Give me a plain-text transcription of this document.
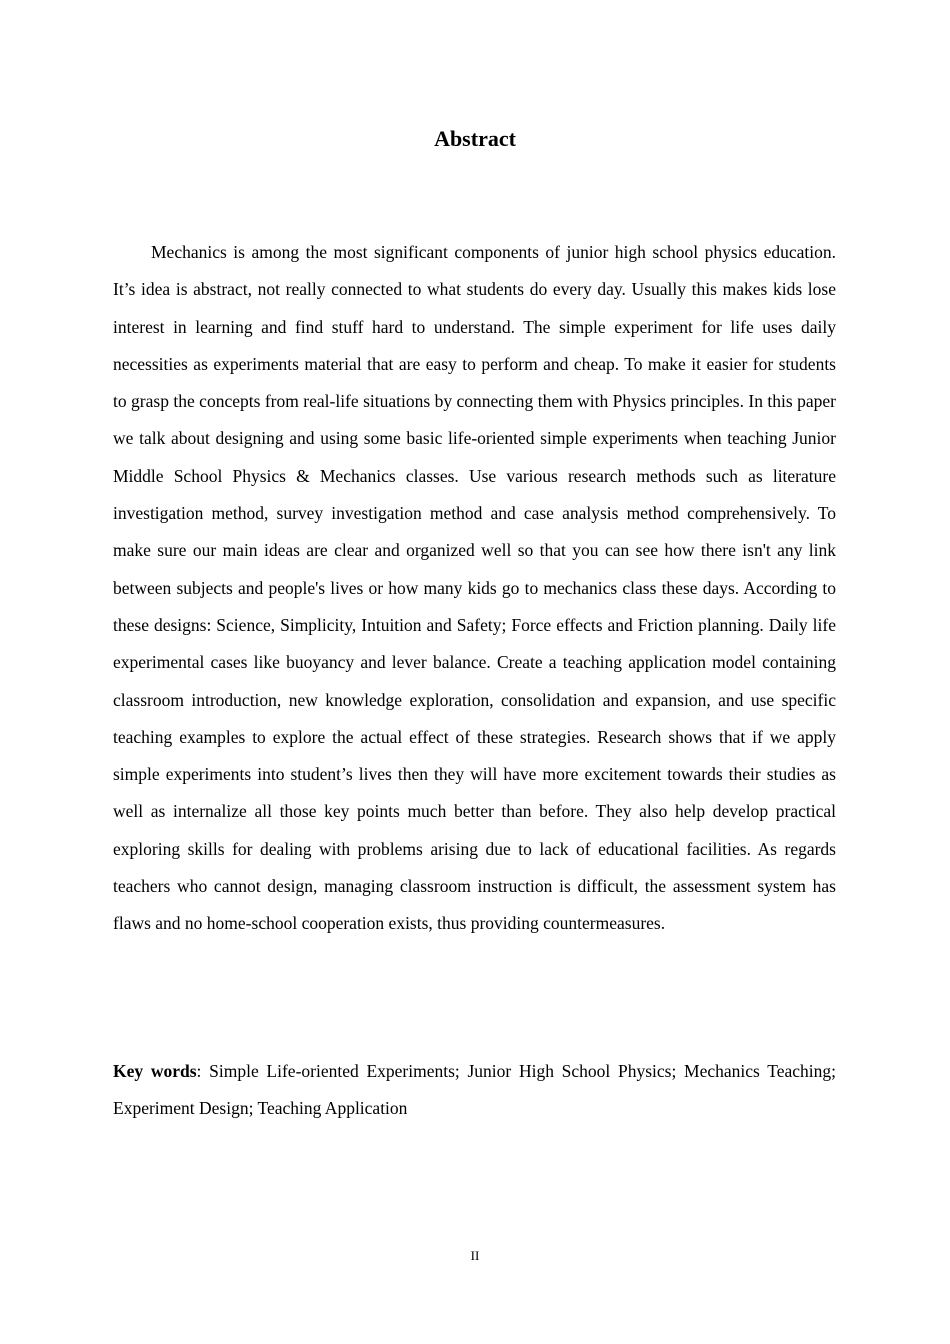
Abstract

Mechanics is among the most significant components of junior high school physics education. It’s idea is abstract, not really connected to what students do every day. Usually this makes kids lose interest in learning and find stuff hard to understand. The simple experiment for life uses daily necessities as experiments material that are easy to perform and cheap. To make it easier for students to grasp the concepts from real-life situations by connecting them with Physics principles. In this paper we talk about designing and using some basic life-oriented simple experiments when teaching Junior Middle School Physics & Mechanics classes. Use various research methods such as literature investigation method, survey investigation method and case analysis method comprehensively. To make sure our main ideas are clear and organized well so that you can see how there isn't any link between subjects and people's lives or how many kids go to mechanics class these days. According to these designs: Science, Simplicity, Intuition and Safety; Force effects and Friction planning. Daily life experimental cases like buoyancy and lever balance. Create a teaching application model containing classroom introduction, new knowledge exploration, consolidation and expansion, and use specific teaching examples to explore the actual effect of these strategies. Research shows that if we apply simple experiments into student’s lives then they will have more excitement towards their studies as well as internalize all those key points much better than before. They also help develop practical exploring skills for dealing with problems arising due to lack of educational facilities. As regards teachers who cannot design, managing classroom instruction is difficult, the assessment system has flaws and no home-school cooperation exists, thus providing countermeasures.

Key words: Simple Life-oriented Experiments; Junior High School Physics; Mechanics Teaching; Experiment Design; Teaching Application

II
